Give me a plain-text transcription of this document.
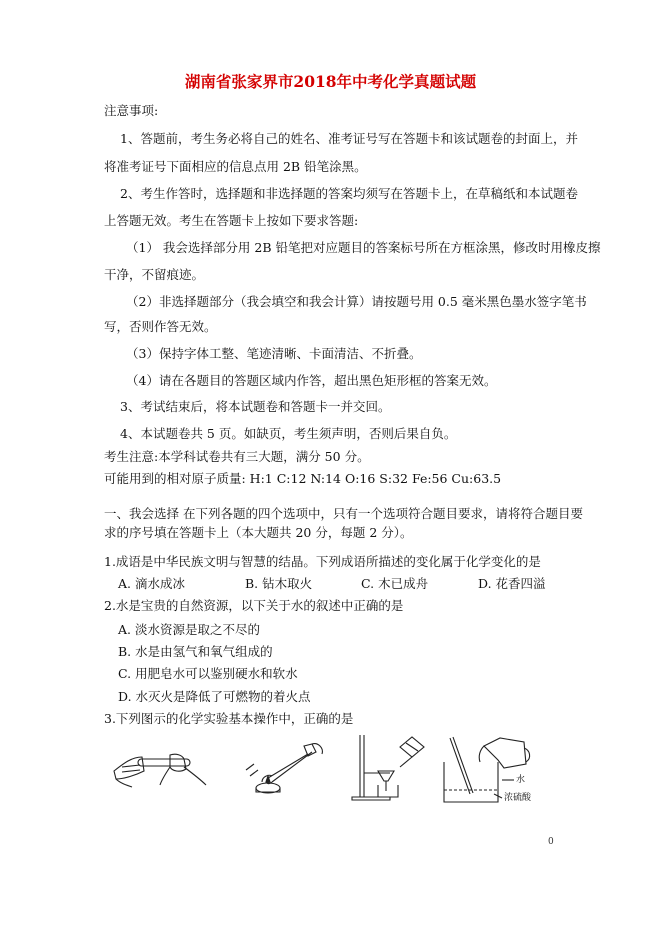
湖南省张家界市2018年中考化学真题试题
注意事项:
1、答题前，考生务必将自己的姓名、准考证号写在答题卡和该试题卷的封面上，并
将准考证号下面相应的信息点用 2B 铅笔涂黑。
2、考生作答时，选择题和非选择题的答案均须写在答题卡上，在草稿纸和本试题卷
上答题无效。考生在答题卡上按如下要求答题:
（1） 我会选择部分用 2B 铅笔把对应题目的答案标号所在方框涂黑，修改时用橡皮擦
干净，不留痕迹。
（2）非选择题部分（我会填空和我会计算）请按题号用 0.5 毫米黑色墨水签字笔书
写，否则作答无效。
（3）保持字体工整、笔迹清晰、卡面清洁、不折叠。
（4）请在各题目的答题区域内作答，超出黑色矩形框的答案无效。
3、考试结束后，将本试题卷和答题卡一并交回。
4、本试题卷共 5 页。如缺页，考生须声明，否则后果自负。
考生注意:本学科试卷共有三大题，满分 50 分。
可能用到的相对原子质量: H:1 C:12 N:14 O:16 S:32 Fe:56 Cu:63.5
一、我会选择 在下列各题的四个选项中，只有一个选项符合题目要求，请将符合题目要
求的序号填在答题卡上（本大题共 20 分，每题 2 分）。
1.成语是中华民族文明与智慧的结晶。下列成语所描述的变化属于化学变化的是
A. 滴水成冰	B. 钻木取火	C. 木已成舟	D. 花香四溢
2.水是宝贵的自然资源，以下关于水的叙述中正确的是
A. 淡水资源是取之不尽的
B. 水是由氢气和氧气组成的
C. 用肥皂水可以鉴别硬水和软水
D. 水灭火是降低了可燃物的着火点
3.下列图示的化学实验基本操作中，正确的是
水
浓硫酸
0
